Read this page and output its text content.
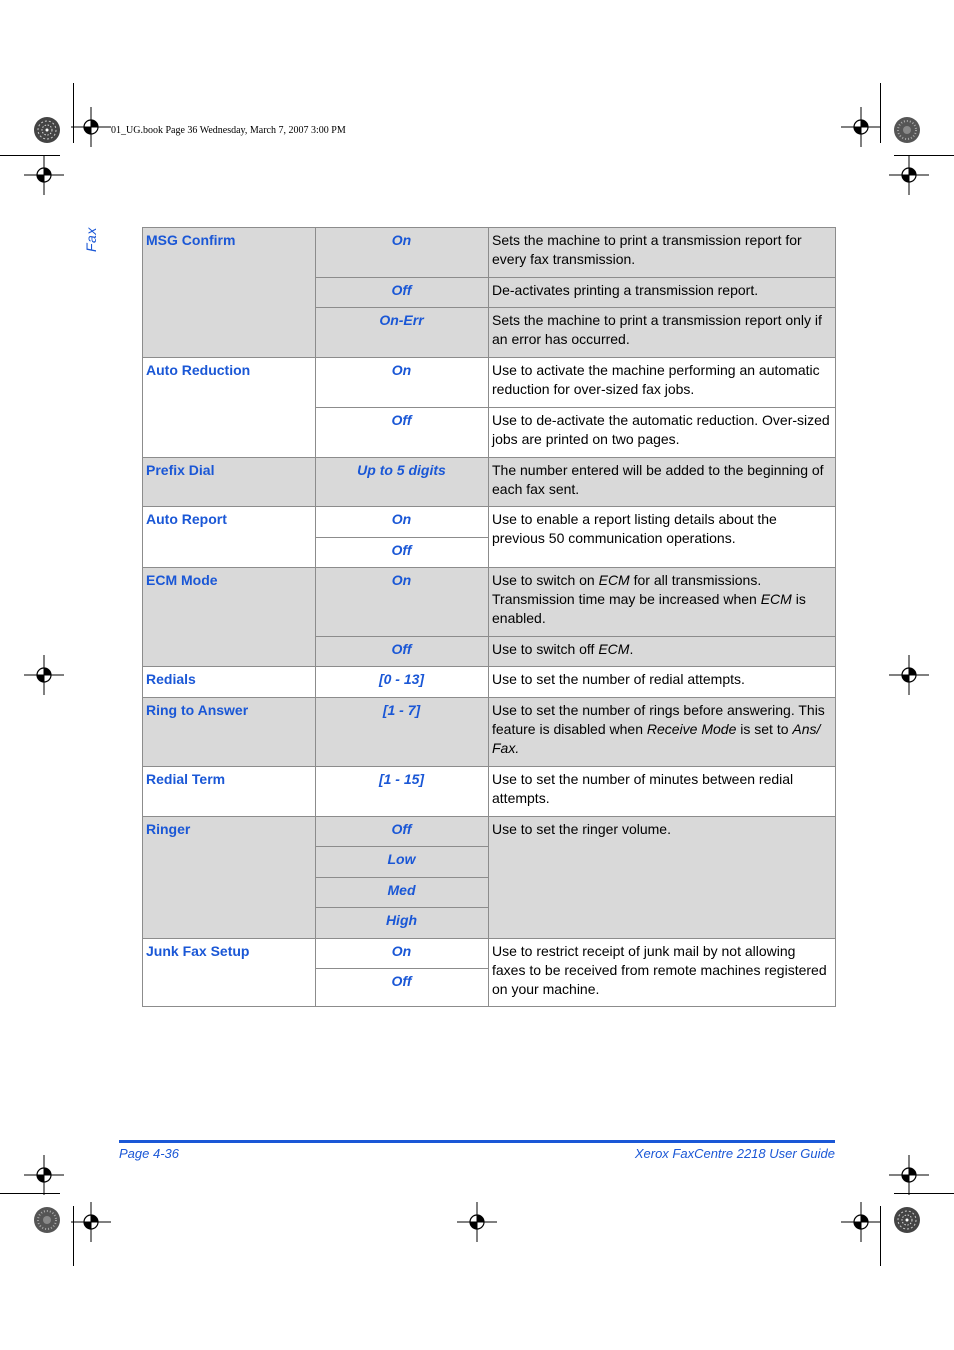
01_UG.book Page 36 Wednesday, March 7, 2007 3:00 PM
Fax	MSG Confirm	On	Sets the machine to print a transmission report for every fax transmission.
	Off	De-activates printing a transmission report.
	On-Err	Sets the machine to print a transmission report only if an error has occurred.
Auto Reduction	On	Use to activate the machine performing an automatic reduction for over-sized fax jobs.
	Off	Use to de-activate the automatic reduction. Over-sized jobs are printed on two pages.
Prefix Dial	Up to 5 digits	The number entered will be added to the beginning of each fax sent.
Auto Report	On	Use to enable a report listing details about the previous 50 communication operations.
	Off	
ECM Mode	On	Use to switch on ECM for all transmissions. Transmission time may be increased when ECM is enabled.
	Off	Use to switch off ECM.
Redials	[0 - 13]	Use to set the number of redial attempts.
Ring to Answer	[1 - 7]	Use to set the number of rings before answering. This feature is disabled when Receive Mode is set to Ans/ Fax.
Redial Term	[1 - 15]	Use to set the number of minutes between redial attempts.
Ringer	Off	Use to set the ringer volume.
	Low	
	Med	
	High	
Junk Fax Setup	On	Use to restrict receipt of junk mail by not allowing faxes to be received from remote machines registered on your machine.
	Off	
Page 4-36	Xerox FaxCentre 2218 User Guide
